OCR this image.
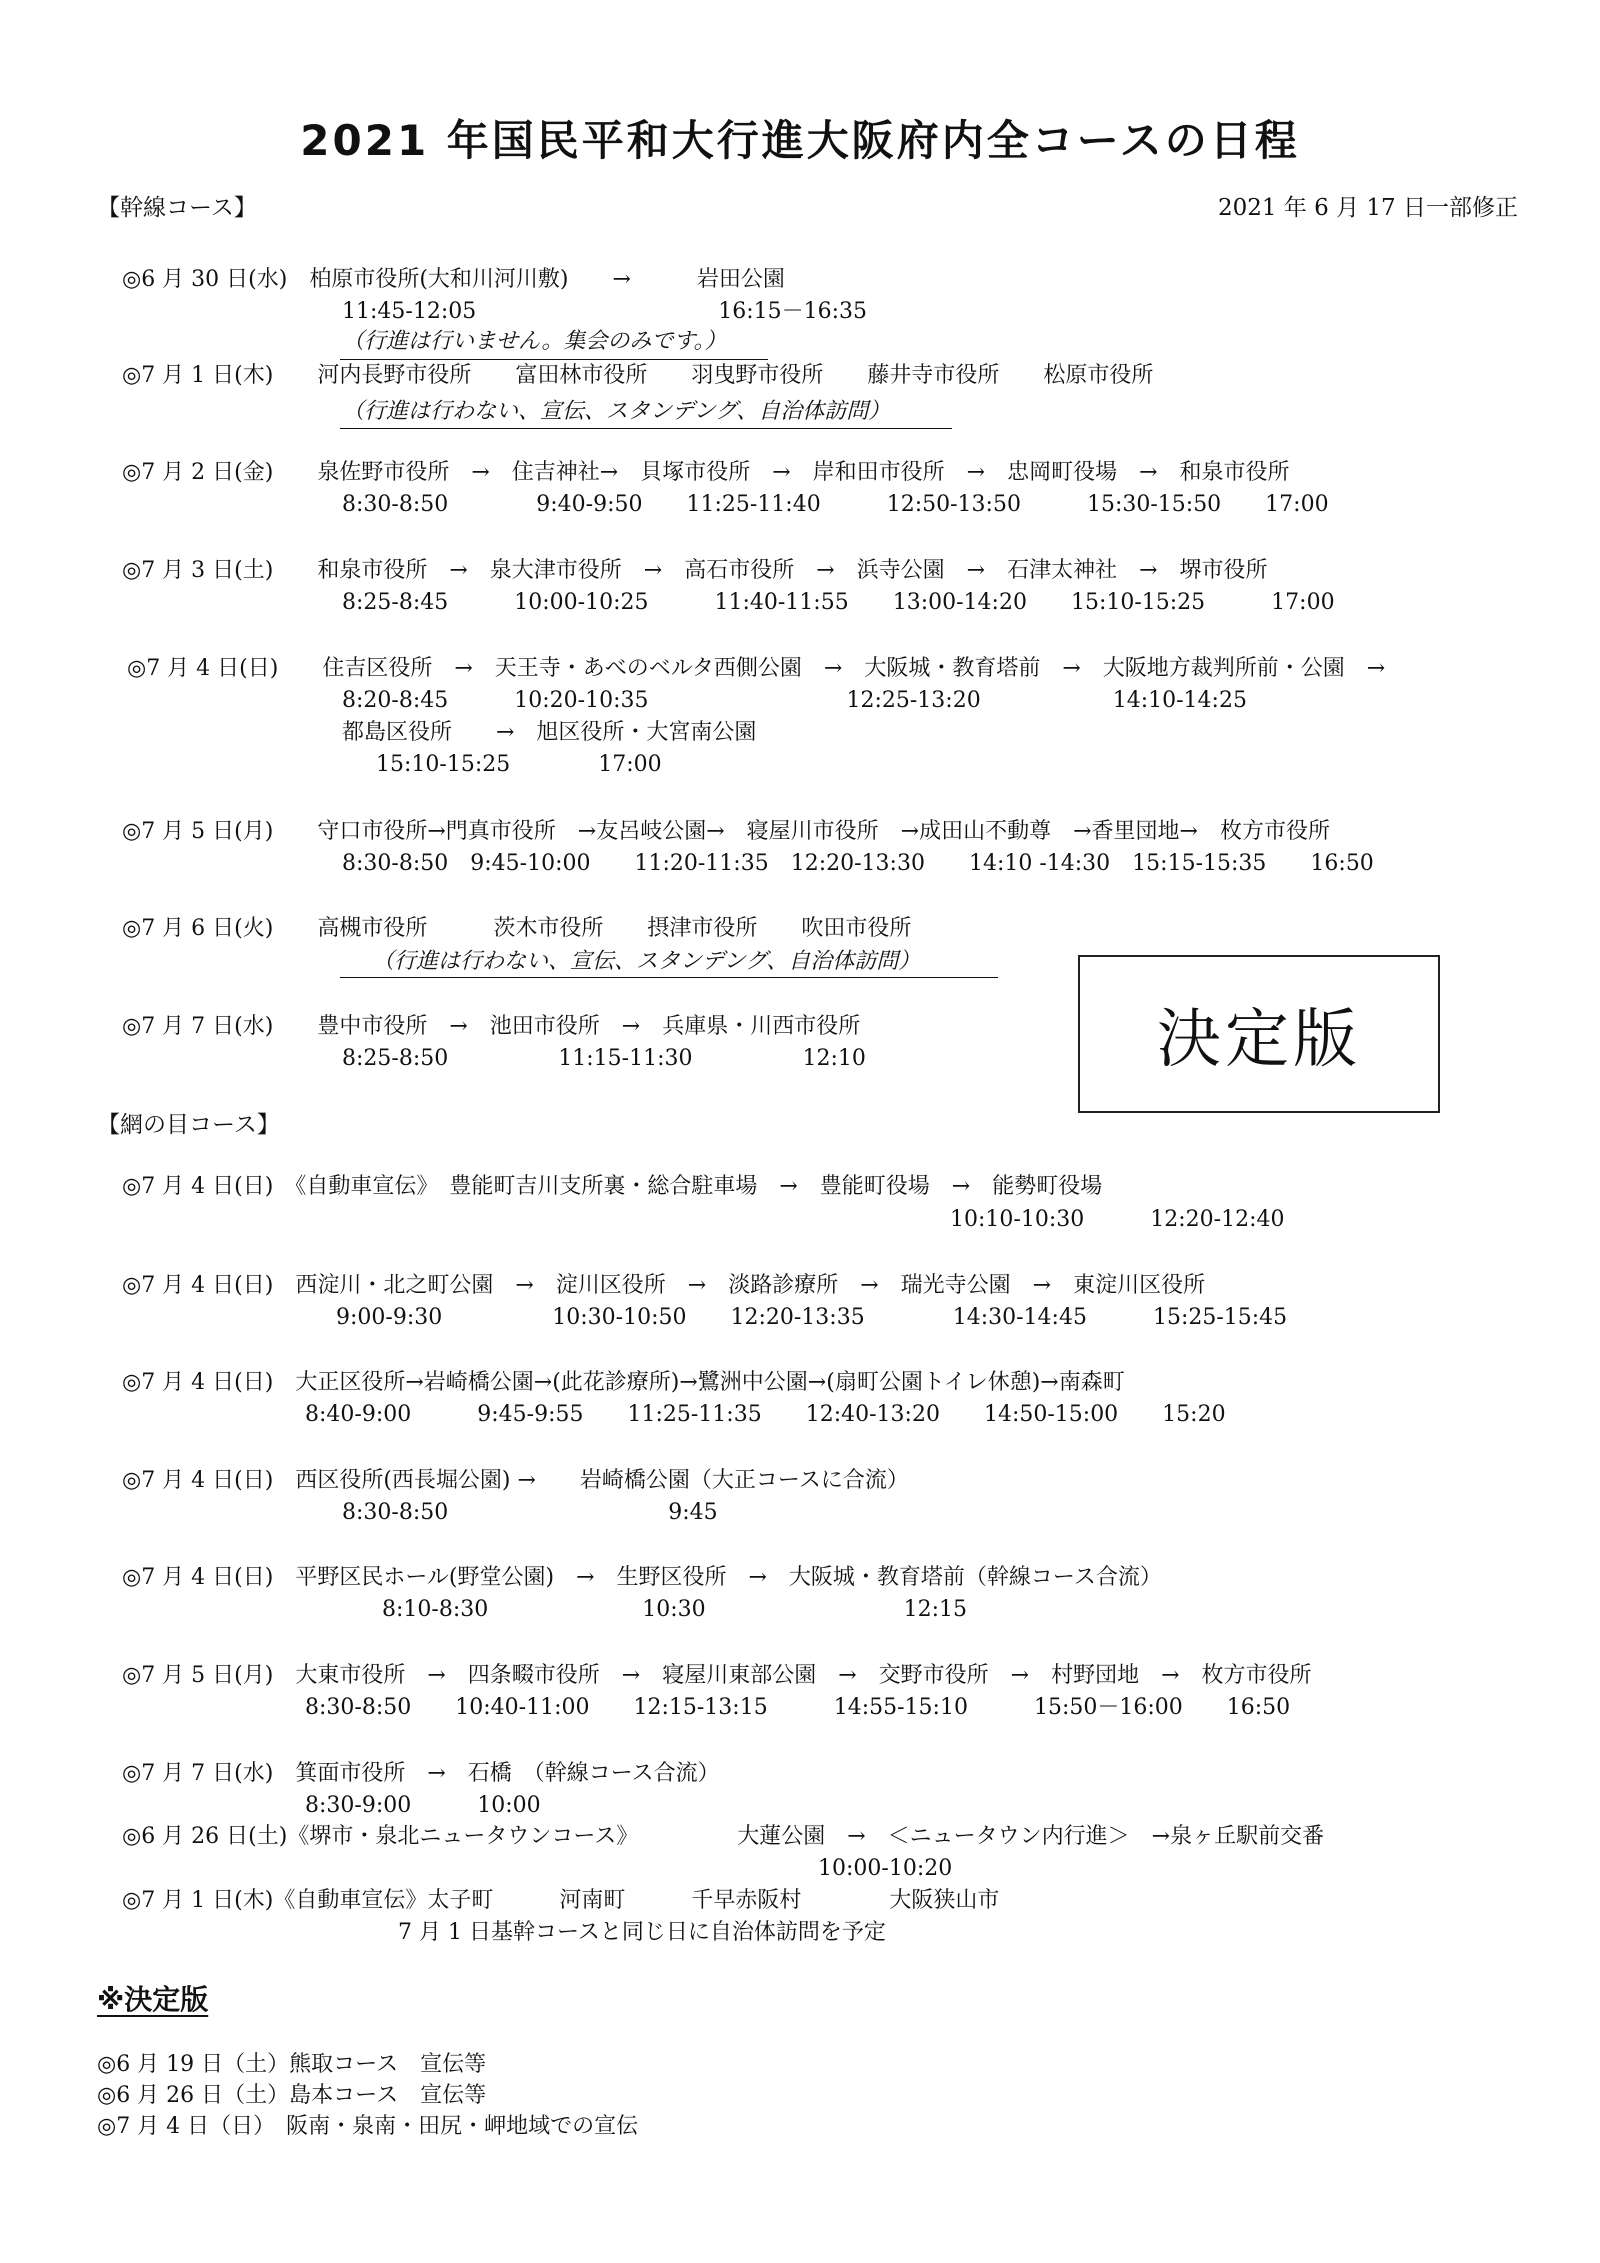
2021 年国民平和大行進大阪府内全コースの日程
【幹線コース】	2021 年 6 月 17 日一部修正
◎6 月 30 日(水)　柏原市役所(大和川河川敷)　　→　　　岩田公園
11:45-12:05　　　　　　　　　　　16:15－16:35
（行進は行いません。集会のみです。）
◎7 月 1 日(木)　　河内長野市役所　　富田林市役所　　羽曳野市役所　　藤井寺市役所　　松原市役所
（行進は行わない、宣伝、スタンデング、自治体訪問）
◎7 月 2 日(金)　　泉佐野市役所　→　住吉神社→　貝塚市役所　→　岸和田市役所　→　忠岡町役場　→　和泉市役所
8:30-8:50　　　　9:40-9:50　　11:25-11:40　　　12:50-13:50　　　15:30-15:50　　17:00
◎7 月 3 日(土)　　和泉市役所　→　泉大津市役所　→　高石市役所　→　浜寺公園　→　石津太神社　→　堺市役所
8:25-8:45　　　10:00-10:25　　　11:40-11:55　　13:00-14:20　　15:10-15:25　　　17:00
◎7 月 4 日(日)　　住吉区役所　→　天王寺・あべのベルタ西側公園　→　大阪城・教育塔前　→　大阪地方裁判所前・公園　→
8:20-8:45　　　10:20-10:35　　　　　　　　　12:25-13:20　　　　　　14:10-14:25
都島区役所　　→　旭区役所・大宮南公園
15:10-15:25　　　　17:00
◎7 月 5 日(月)　　守口市役所→門真市役所　→友呂岐公園→　寝屋川市役所　→成田山不動尊　→香里団地→　枚方市役所
8:30-8:50　9:45-10:00　　11:20-11:35　12:20-13:30　　14:10 -14:30　15:15-15:35　　16:50
◎7 月 6 日(火)　　高槻市役所　　　茨木市役所　　摂津市役所　　吹田市役所
（行進は行わない、宣伝、スタンデング、自治体訪問）
◎7 月 7 日(水)　　豊中市役所　→　池田市役所　→　兵庫県・川西市役所
8:25-8:50　　　　　11:15-11:30　　　　　12:10	決定版
【網の目コース】
◎7 月 4 日(日)　《自動車宣伝》　豊能町吉川支所裏・総合駐車場　→　豊能町役場　→　能勢町役場
10:10‐10:30　　　12:20‐12:40
◎7 月 4 日(日)　西淀川・北之町公園　→　淀川区役所　→　淡路診療所　→　瑞光寺公園　→　東淀川区役所
9:00-9:30　　　　　10:30-10:50　　12:20-13:35　　　　14:30-14:45　　　15:25-15:45
◎7 月 4 日(日)　大正区役所→岩崎橋公園→(此花診療所)→鷺洲中公園→(扇町公園トイレ休憩)→南森町
8:40-9:00　　　9:45-9:55　　11:25-11:35　　12:40-13:20　　14:50-15:00　　15:20
◎7 月 4 日(日)　西区役所(西長堀公園) →　　岩崎橋公園（大正コースに合流）
8:30-8:50　　　　　　　　　　9:45
◎7 月 4 日(日)　平野区民ホール(野堂公園)　→　生野区役所　→　大阪城・教育塔前（幹線コース合流）
8:10-8:30　　　　　　　10:30　　　　　　　　　12:15
◎7 月 5 日(月)　大東市役所　→　四条畷市役所　→　寝屋川東部公園　→　交野市役所　→　村野団地　→　枚方市役所
8:30-8:50　　10:40-11:00　　12:15-13:15　　　14:55-15:10　　　15:50－16:00　　16:50
◎7 月 7 日(水)　箕面市役所　→　石橋　（幹線コース合流）
8:30-9:00　　　10:00
◎6 月 26 日(土)《堺市・泉北ニュータウンコース》　　　　　大蓮公園　→　＜ニュータウン内行進＞　→泉ヶ丘駅前交番
10:00‐10:20
◎7 月 1 日(木)《自動車宣伝》太子町　　　河南町　　　千早赤阪村　　　　大阪狭山市
7 月 1 日基幹コースと同じ日に自治体訪問を予定
※決定版
◎6 月 19 日（土）熊取コース　宣伝等
◎6 月 26 日（土）島本コース　宣伝等
◎7 月 4 日（日）　阪南・泉南・田尻・岬地域での宣伝
